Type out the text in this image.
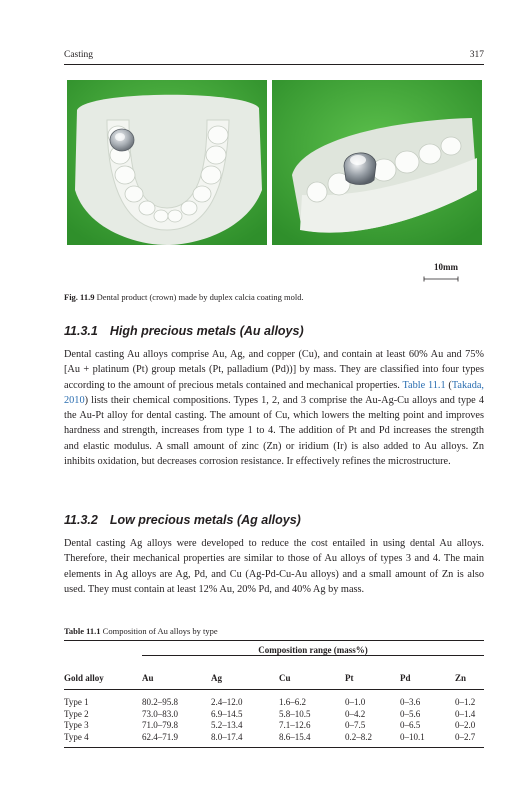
Casting	317
10mm
Fig. 11.9 Dental product (crown) made by duplex calcia coating mold.
11.3.1 High precious metals (Au alloys)
Dental casting Au alloys comprise Au, Ag, and copper (Cu), and contain at least 60% Au and 75% [Au + platinum (Pt) group metals (Pt, palladium (Pd))] by mass. They are classified into four types according to the amount of precious metals contained and mechanical properties. Table 11.1 (Takada, 2010) lists their chemical compositions. Types 1, 2, and 3 comprise the Au-Ag-Cu alloys and type 4 the Au-Pt alloy for dental casting. The amount of Cu, which lowers the melting point and improves hardness and strength, increases from type 1 to 4. The addition of Pt and Pd increases the strength and elastic modulus. A small amount of zinc (Zn) or iridium (Ir) is also added to Au alloys. Zn inhibits oxidation, but decreases corrosion resistance. Ir effectively refines the microstructure.
11.3.2 Low precious metals (Ag alloys)
Dental casting Ag alloys were developed to reduce the cost entailed in using dental Au alloys. Therefore, their mechanical properties are similar to those of Au alloys of types 3 and 4. The main elements in Ag alloys are Ag, Pd, and Cu (Ag-Pd-Cu-Au alloys) and a small amount of Zn is also used. They must contain at least 12% Au, 20% Pd, and 40% Ag by mass.
Table 11.1 Composition of Au alloys by type

	Composition range (mass%)					

Gold alloy	Au	Ag	Cu	Pt	Pd	Zn
Type 1	80.2–95.8	2.4–12.0	1.6–6.2	0–1.0	0–3.6	0–1.2
Type 2	73.0–83.0	6.9–14.5	5.8–10.5	0–4.2	0–5.6	0–1.4
Type 3	71.0–79.8	5.2–13.4	7.1–12.6	0–7.5	0–6.5	0–2.0
Type 4	62.4–71.9	8.0–17.4	8.6–15.4	0.2–8.2	0–10.1	0–2.7
